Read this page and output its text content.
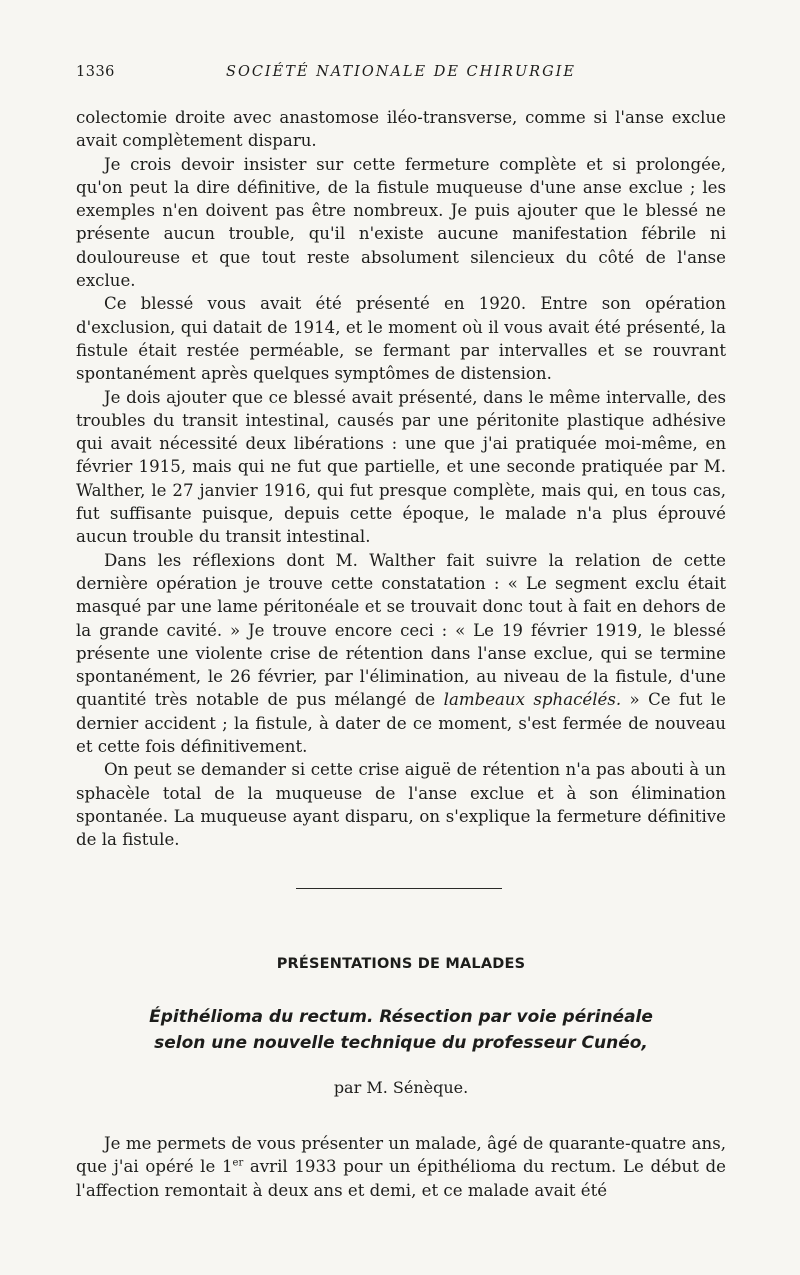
1336	SOCIÉTÉ NATIONALE DE CHIRURGIE

colectomie droite avec anastomose iléo-transverse, comme si l'anse exclue avait complètement disparu.

Je crois devoir insister sur cette fermeture complète et si prolongée, qu'on peut la dire définitive, de la fistule muqueuse d'une anse exclue ; les exemples n'en doivent pas être nombreux. Je puis ajouter que le blessé ne présente aucun trouble, qu'il n'existe aucune manifestation fébrile ni douloureuse et que tout reste absolument silencieux du côté de l'anse exclue.

Ce blessé vous avait été présenté en 1920. Entre son opération d'exclusion, qui datait de 1914, et le moment où il vous avait été présenté, la fistule était restée perméable, se fermant par intervalles et se rouvrant spontanément après quelques symptômes de distension.

Je dois ajouter que ce blessé avait présenté, dans le même intervalle, des troubles du transit intestinal, causés par une péritonite plastique adhésive qui avait nécessité deux libérations : une que j'ai pratiquée moi-même, en février 1915, mais qui ne fut que partielle, et une seconde pratiquée par M. Walther, le 27 janvier 1916, qui fut presque complète, mais qui, en tous cas, fut suffisante puisque, depuis cette époque, le malade n'a plus éprouvé aucun trouble du transit intestinal.

Dans les réflexions dont M. Walther fait suivre la relation de cette dernière opération je trouve cette constatation : « Le segment exclu était masqué par une lame péritonéale et se trouvait donc tout à fait en dehors de la grande cavité. » Je trouve encore ceci : « Le 19 février 1919, le blessé présente une violente crise de rétention dans l'anse exclue, qui se termine spontanément, le 26 février, par l'élimination, au niveau de la fistule, d'une quantité très notable de pus mélangé de lambeaux sphacélés. » Ce fut le dernier accident ; la fistule, à dater de ce moment, s'est fermée de nouveau et cette fois définitivement.

On peut se demander si cette crise aiguë de rétention n'a pas abouti à un sphacèle total de la muqueuse de l'anse exclue et à son élimination spontanée. La muqueuse ayant disparu, on s'explique la fermeture définitive de la fistule.

PRÉSENTATIONS DE MALADES
Épithélioma du rectum. Résection par voie périnéale
selon une nouvelle technique du professeur Cunéo,
par M. Sénèque.

Je me permets de vous présenter un malade, âgé de quarante-quatre ans, que j'ai opéré le 1er avril 1933 pour un épithélioma du rectum. Le début de l'affection remontait à deux ans et demi, et ce malade avait été
